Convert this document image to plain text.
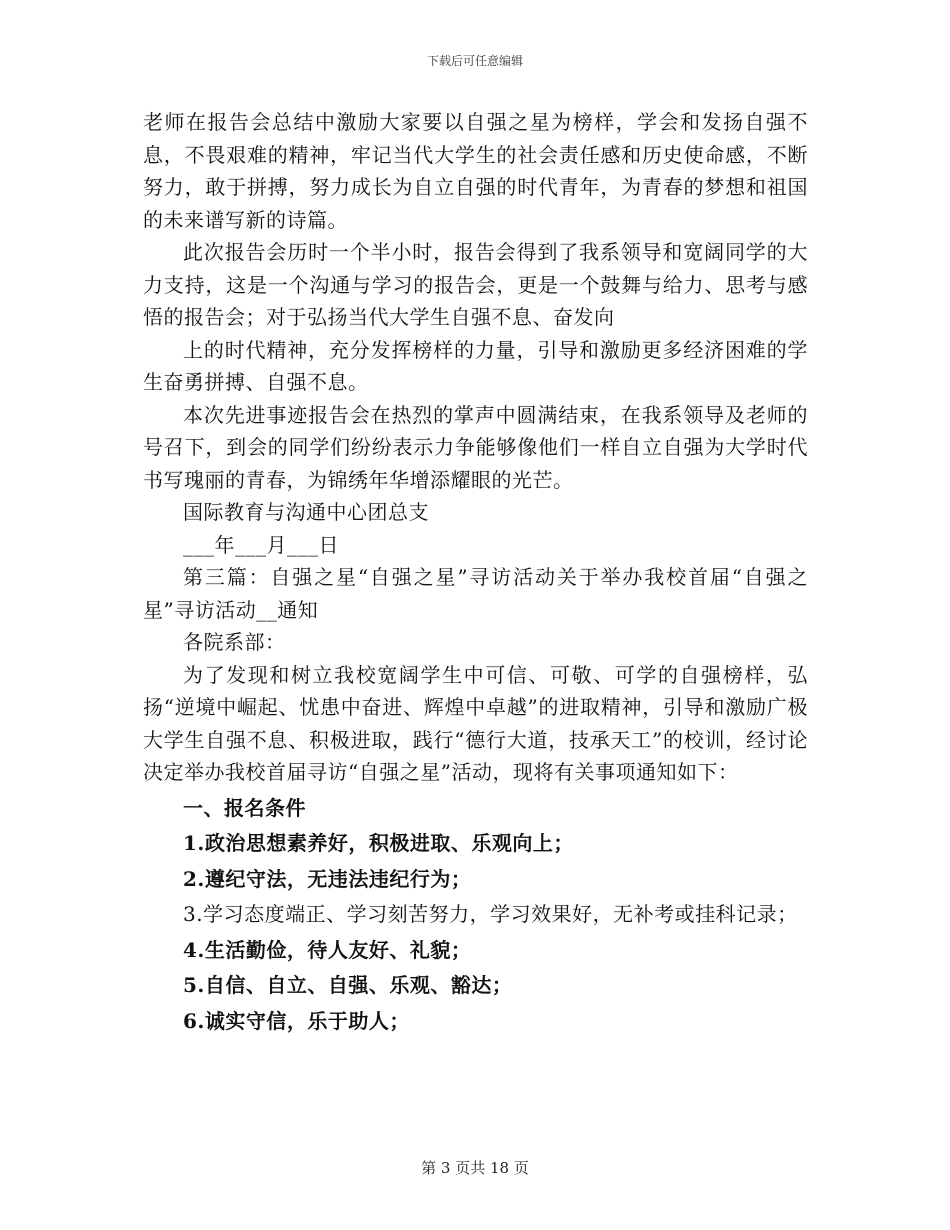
下载后可任意编辑

老师在报告会总结中激励大家要以自强之星为榜样，学会和发扬自强不息，不畏艰难的精神，牢记当代大学生的社会责任感和历史使命感，不断努力，敢于拼搏，努力成长为自立自强的时代青年，为青春的梦想和祖国的未来谱写新的诗篇。

此次报告会历时一个半小时，报告会得到了我系领导和宽阔同学的大力支持，这是一个沟通与学习的报告会，更是一个鼓舞与给力、思考与感悟的报告会；对于弘扬当代大学生自强不息、奋发向

上的时代精神，充分发挥榜样的力量，引导和激励更多经济困难的学生奋勇拼搏、自强不息。

本次先进事迹报告会在热烈的掌声中圆满结束，在我系领导及老师的号召下，到会的同学们纷纷表示力争能够像他们一样自立自强为大学时代书写瑰丽的青春，为锦绣年华增添耀眼的光芒。

国际教育与沟通中心团总支

___年___月___日

第三篇：自强之星“自强之星”寻访活动关于举办我校首届“自强之星”寻访活动__通知

各院系部：

为了发现和树立我校宽阔学生中可信、可敬、可学的自强榜样，弘扬“逆境中崛起、忧患中奋进、辉煌中卓越”的进取精神，引导和激励广极大学生自强不息、积极进取，践行“德行大道，技承天工”的校训，经讨论决定举办我校首届寻访“自强之星”活动，现将有关事项通知如下：

一、报名条件

1.政治思想素养好，积极进取、乐观向上；

2.遵纪守法，无违法违纪行为；

3.学习态度端正、学习刻苦努力，学习效果好，无补考或挂科记录；

4.生活勤俭，待人友好、礼貌；

5.自信、自立、自强、乐观、豁达；

6.诚实守信，乐于助人；

第 3 页共 18 页
